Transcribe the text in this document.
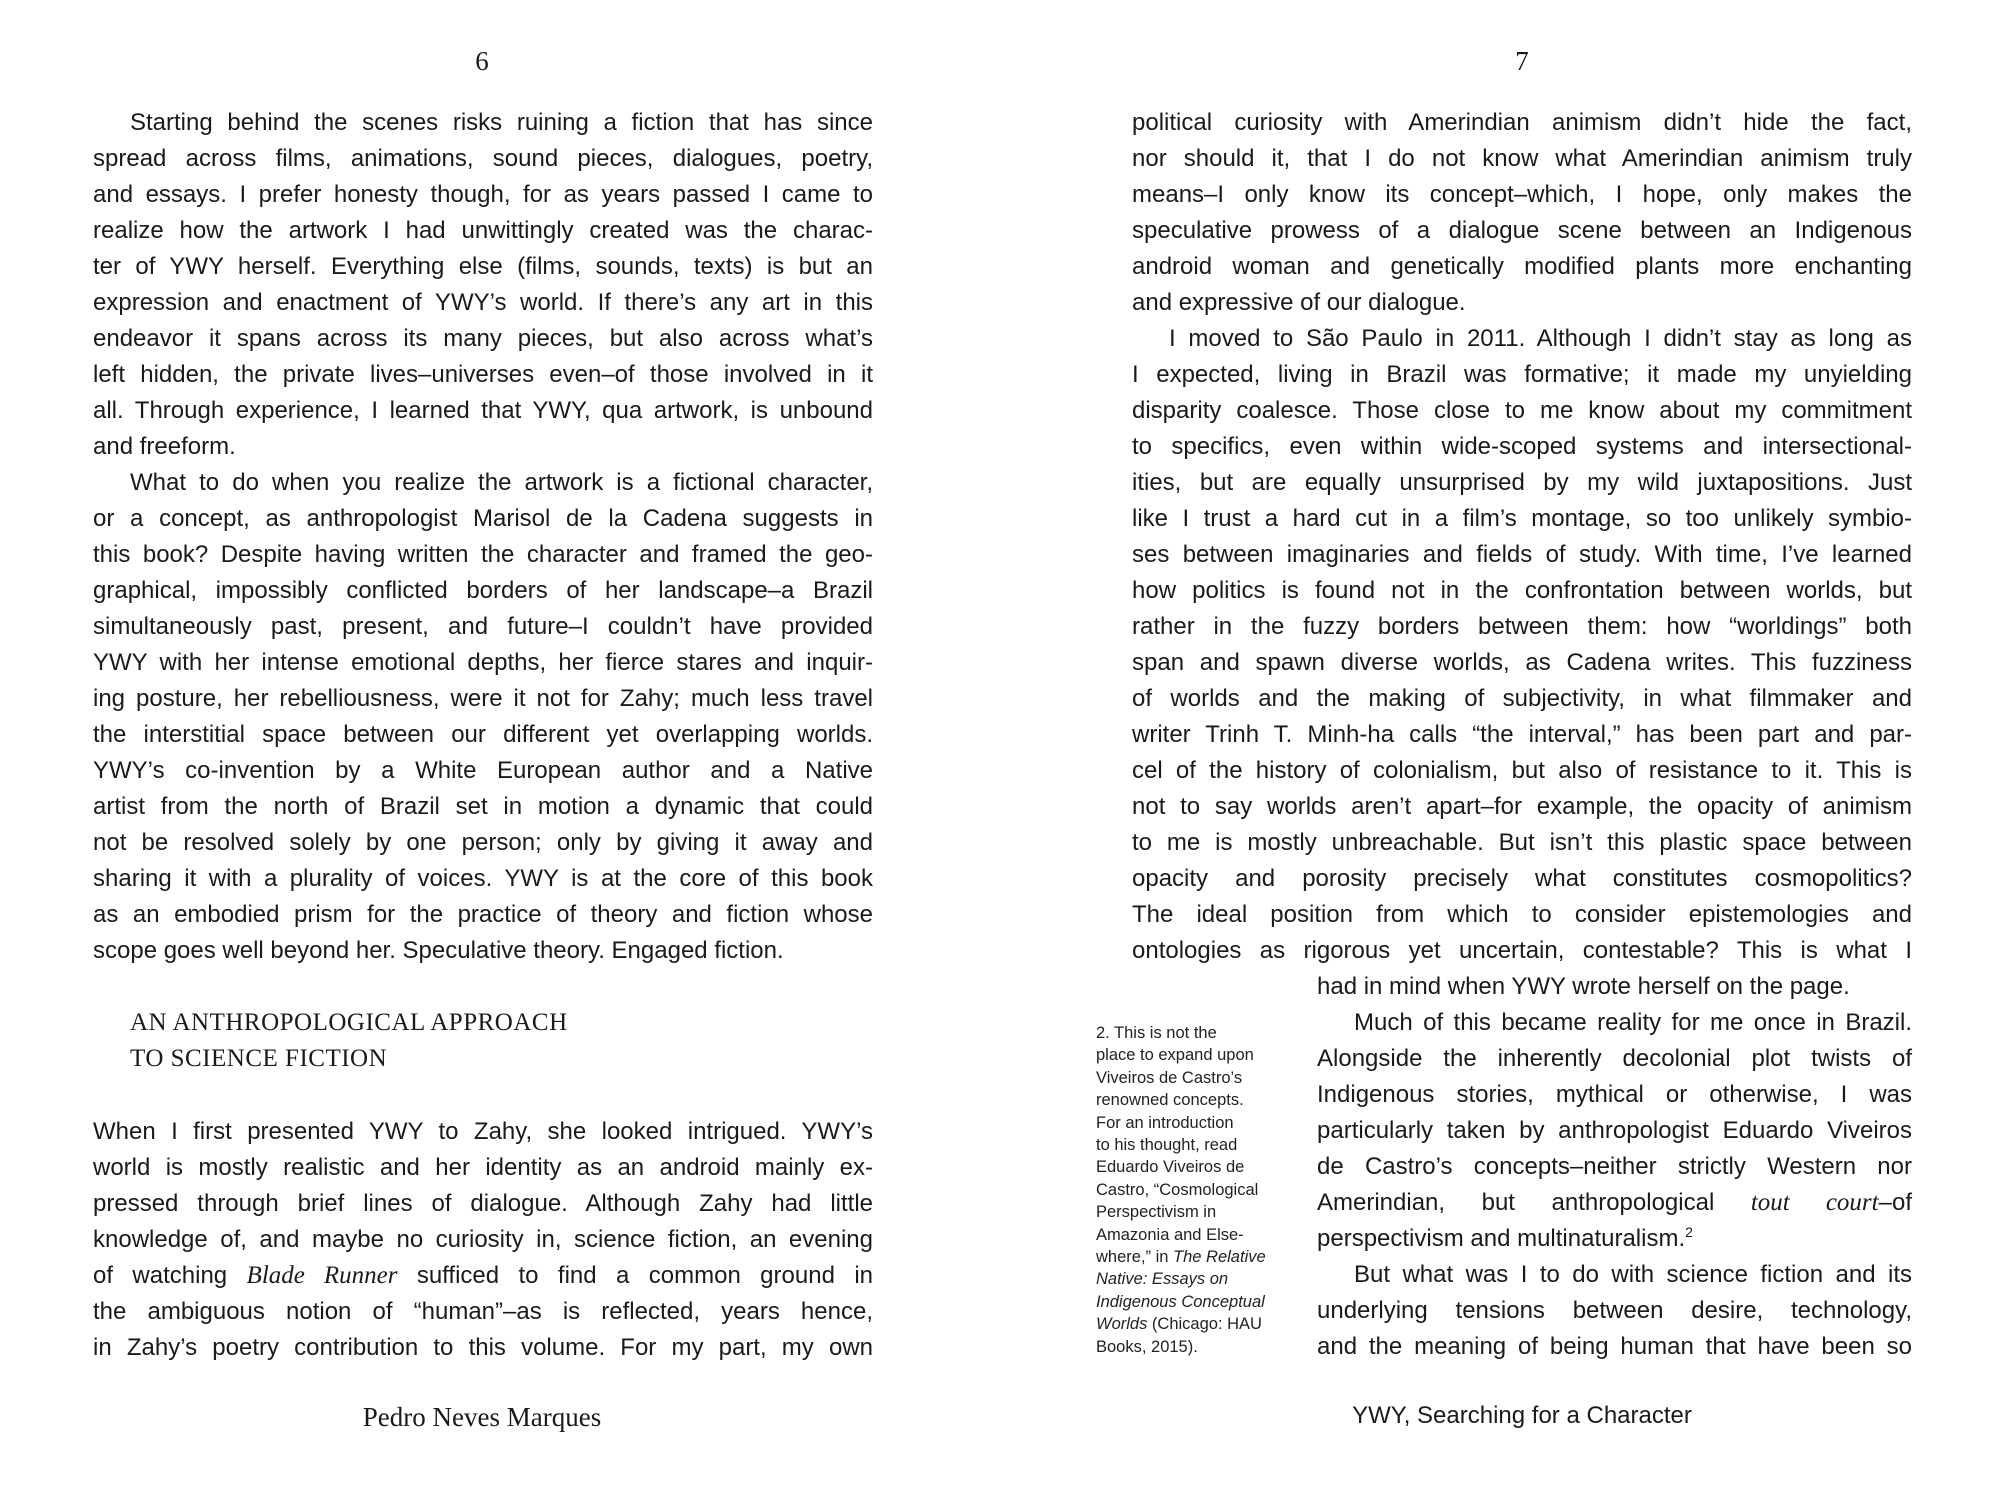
6
Starting behind the scenes risks ruining a fiction that has since
spread across films, animations, sound pieces, dialogues, poetry,
and essays. I prefer honesty though, for as years passed I came to
realize how the artwork I had unwittingly created was the charac-
ter of YWY herself. Everything else (films, sounds, texts) is but an
expression and enactment of YWY’s world. If there’s any art in this
endeavor it spans across its many pieces, but also across what’s
left hidden, the private lives–universes even–of those involved in it
all. Through experience, I learned that YWY, qua artwork, is unbound
and freeform.
What to do when you realize the artwork is a fictional character,
or a concept, as anthropologist Marisol de la Cadena suggests in
this book? Despite having written the character and framed the geo-
graphical, impossibly conflicted borders of her landscape–a Brazil
simultaneously past, present, and future–I couldn’t have provided
YWY with her intense emotional depths, her fierce stares and inquir-
ing posture, her rebelliousness, were it not for Zahy; much less travel
the interstitial space between our different yet overlapping worlds.
YWY’s co-invention by a White European author and a Native
artist from the north of Brazil set in motion a dynamic that could
not be resolved solely by one person; only by giving it away and
sharing it with a plurality of voices. YWY is at the core of this book
as an embodied prism for the practice of theory and fiction whose
scope goes well beyond her. Speculative theory. Engaged fiction.
AN ANTHROPOLOGICAL APPROACH
TO SCIENCE FICTION
When I first presented YWY to Zahy, she looked intrigued. YWY’s
world is mostly realistic and her identity as an android mainly ex-
pressed through brief lines of dialogue. Although Zahy had little
knowledge of, and maybe no curiosity in, science fiction, an evening
of watching Blade Runner sufficed to find a common ground in
the ambiguous notion of “human”–as is reflected, years hence,
in Zahy’s poetry contribution to this volume. For my part, my own
Pedro Neves Marques
7
political curiosity with Amerindian animism didn’t hide the fact,
nor should it, that I do not know what Amerindian animism truly
means–I only know its concept–which, I hope, only makes the
speculative prowess of a dialogue scene between an Indigenous
android woman and genetically modified plants more enchanting
and expressive of our dialogue.
I moved to São Paulo in 2011. Although I didn’t stay as long as
I expected, living in Brazil was formative; it made my unyielding
disparity coalesce. Those close to me know about my commitment
to specifics, even within wide-scoped systems and intersectional-
ities, but are equally unsurprised by my wild juxtapositions. Just
like I trust a hard cut in a film’s montage, so too unlikely symbio-
ses between imaginaries and fields of study. With time, I’ve learned
how politics is found not in the confrontation between worlds, but
rather in the fuzzy borders between them: how “worldings” both
span and spawn diverse worlds, as Cadena writes. This fuzziness
of worlds and the making of subjectivity, in what filmmaker and
writer Trinh T. Minh-ha calls “the interval,” has been part and par-
cel of the history of colonialism, but also of resistance to it. This is
not to say worlds aren’t apart–for example, the opacity of animism
to me is mostly unbreachable. But isn’t this plastic space between
opacity and porosity precisely what constitutes cosmopolitics?
The ideal position from which to consider epistemologies and
ontologies as rigorous yet uncertain, contestable? This is what I
had in mind when YWY wrote herself on the page.
Much of this became reality for me once in Brazil.
Alongside the inherently decolonial plot twists of
Indigenous stories, mythical or otherwise, I was
particularly taken by anthropologist Eduardo Viveiros
de Castro’s concepts–neither strictly Western nor
Amerindian, but anthropological tout court–of
perspectivism and multinaturalism.$^2$
But what was I to do with science fiction and its
underlying tensions between desire, technology,
and the meaning of being human that have been so
2. This is not the
place to expand upon
Viveiros de Castro’s
renowned concepts.
For an introduction
to his thought, read
Eduardo Viveiros de
Castro, “Cosmological
Perspectivism in
Amazonia and Else-
where,” in The Relative
Native: Essays on
Indigenous Conceptual
Worlds (Chicago: HAU
Books, 2015).
YWY, Searching for a Character
